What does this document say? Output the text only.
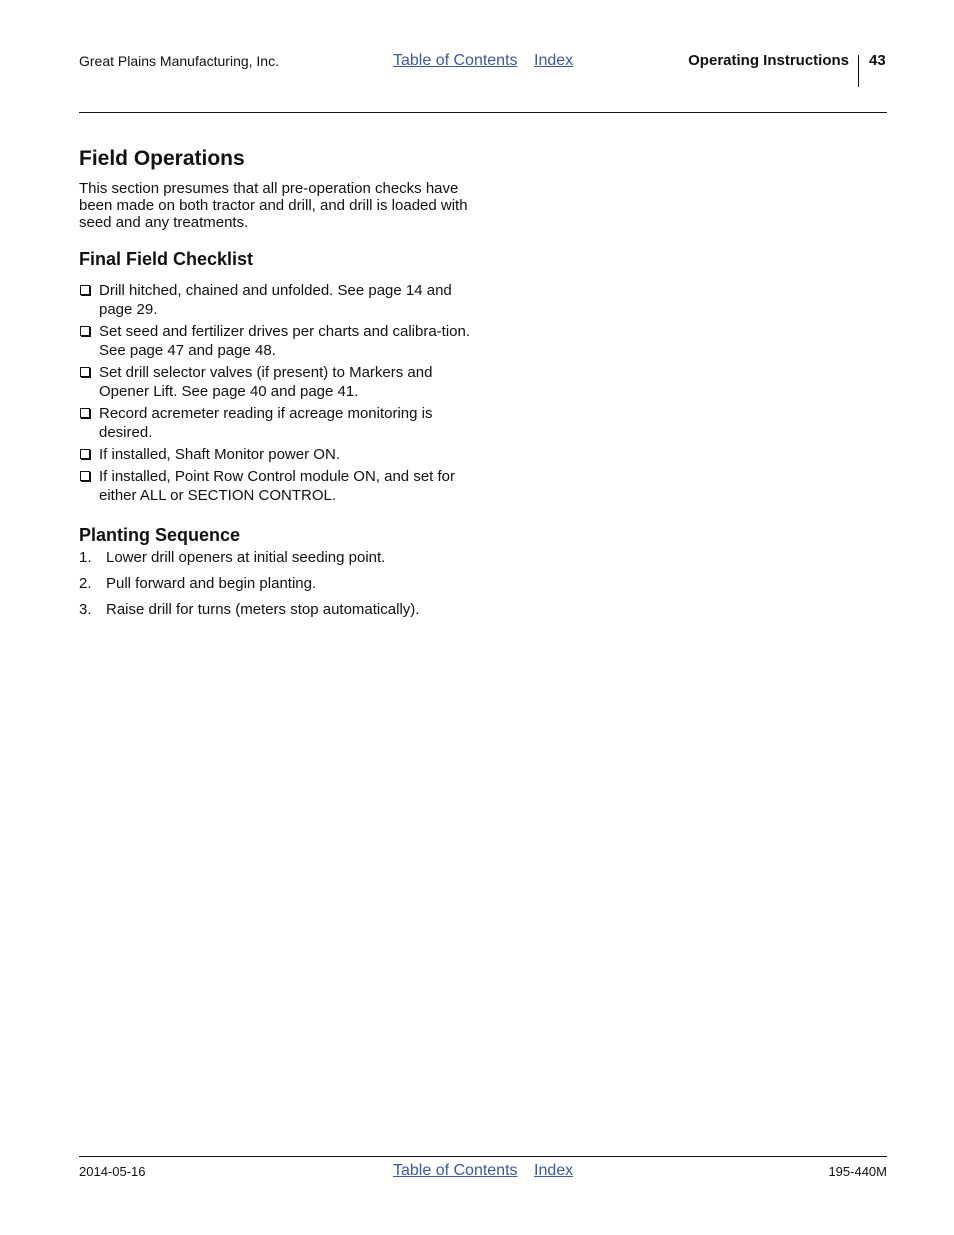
Great Plains Manufacturing, Inc.	Table of Contents Index	Operating Instructions 43
Field Operations

This section presumes that all pre-operation checks have been made on both tractor and drill, and drill is loaded with seed and any treatments.

Final Field Checklist
Drill hitched, chained and unfolded. See page 14 and page 29.
Set seed and fertilizer drives per charts and calibra-tion. See page 47 and page 48.
Set drill selector valves (if present) to Markers and Opener Lift. See page 40 and page 41.
Record acremeter reading if acreage monitoring is desired.
If installed, Shaft Monitor power ON.
If installed, Point Row Control module ON, and set for either ALL or SECTION CONTROL.
Planting Sequence
1. Lower drill openers at initial seeding point.
2. Pull forward and begin planting.
3. Raise drill for turns (meters stop automatically).
2014-05-16	Table of Contents Index	195-440M
